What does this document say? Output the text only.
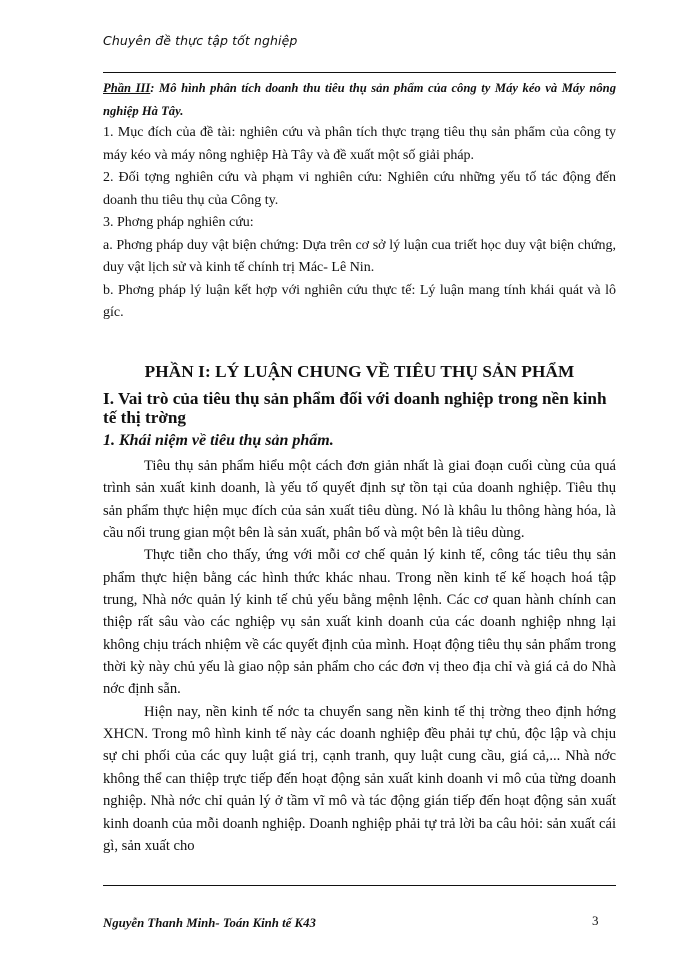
Chuyên đề thực tập tốt nghiệp

Phần III: Mô hình phân tích doanh thu tiêu thụ sản phẩm của công ty Máy kéo và Máy nông nghiệp Hà Tây.

1. Mục đích của đề tài: nghiên cứu và phân tích thực trạng tiêu thụ sản phẩm của công ty máy kéo và máy nông nghiệp Hà Tây và đề xuất một số giải pháp.

2. Đối tợng nghiên cứu và phạm vi nghiên cứu: Nghiên cứu những yếu tố tác động đến doanh thu tiêu thụ của Công ty.

3. Phơng pháp nghiên cứu:

a. Phơng pháp duy vật biện chứng: Dựa trên cơ sở lý luận cua triết học duy vật biện chứng, duy vật lịch sử và kinh tế chính trị Mác- Lê Nin.

b. Phơng pháp lý luận kết hợp với nghiên cứu thực tế: Lý luận mang tính khái quát và lô gíc.

PHẦN I: LÝ LUẬN CHUNG VỀ TIÊU THỤ SẢN PHẨM
I. Vai trò của tiêu thụ sản phẩm đối với doanh nghiệp trong nền kinh tế thị trờng
1. Khái niệm về tiêu thụ sản phẩm.

Tiêu thụ sản phẩm hiểu một cách đơn giản nhất là giai đoạn cuối cùng của quá trình sản xuất kinh doanh, là yếu tố quyết định sự tồn tại của doanh nghiệp. Tiêu thụ sản phẩm thực hiện mục đích của sản xuất tiêu dùng. Nó là khâu lu thông hàng hóa, là cầu nối trung gian một bên là sản xuất, phân bố và một bên là tiêu dùng.

Thực tiễn cho thấy, ứng với mỗi cơ chế quản lý kinh tế, công tác tiêu thụ sản phẩm thực hiện bằng các hình thức khác nhau. Trong nền kinh tế kế hoạch hoá tập trung, Nhà nớc quản lý kinh tế chủ yếu bằng mệnh lệnh. Các cơ quan hành chính can thiệp rất sâu vào các nghiệp vụ sản xuất kinh doanh của các doanh nghiệp nhng lại không chịu trách nhiệm về các quyết định của mình. Hoạt động tiêu thụ sản phẩm trong thời kỳ này chủ yếu là giao nộp sản phẩm cho các đơn vị theo địa chỉ và giá cả do Nhà nớc định sẵn.

Hiện nay, nền kinh tế nớc ta chuyển sang nền kinh tế thị trờng theo định hớng XHCN. Trong mô hình kinh tế này các doanh nghiệp đều phải tự chủ, độc lập và chịu sự chi phối của các quy luật giá trị, cạnh tranh, quy luật cung cầu, giá cả,... Nhà nớc không thể can thiệp trực tiếp đến hoạt động sản xuất kinh doanh vi mô của từng doanh nghiệp. Nhà nớc chỉ quản lý ở tầm vĩ mô và tác động gián tiếp đến hoạt động sản xuất kinh doanh của mỗi doanh nghiệp. Doanh nghiệp phải tự trả lời ba câu hỏi: sản xuất cái gì, sản xuất cho

Nguyễn Thanh Minh- Toán Kinh tế K43	3
